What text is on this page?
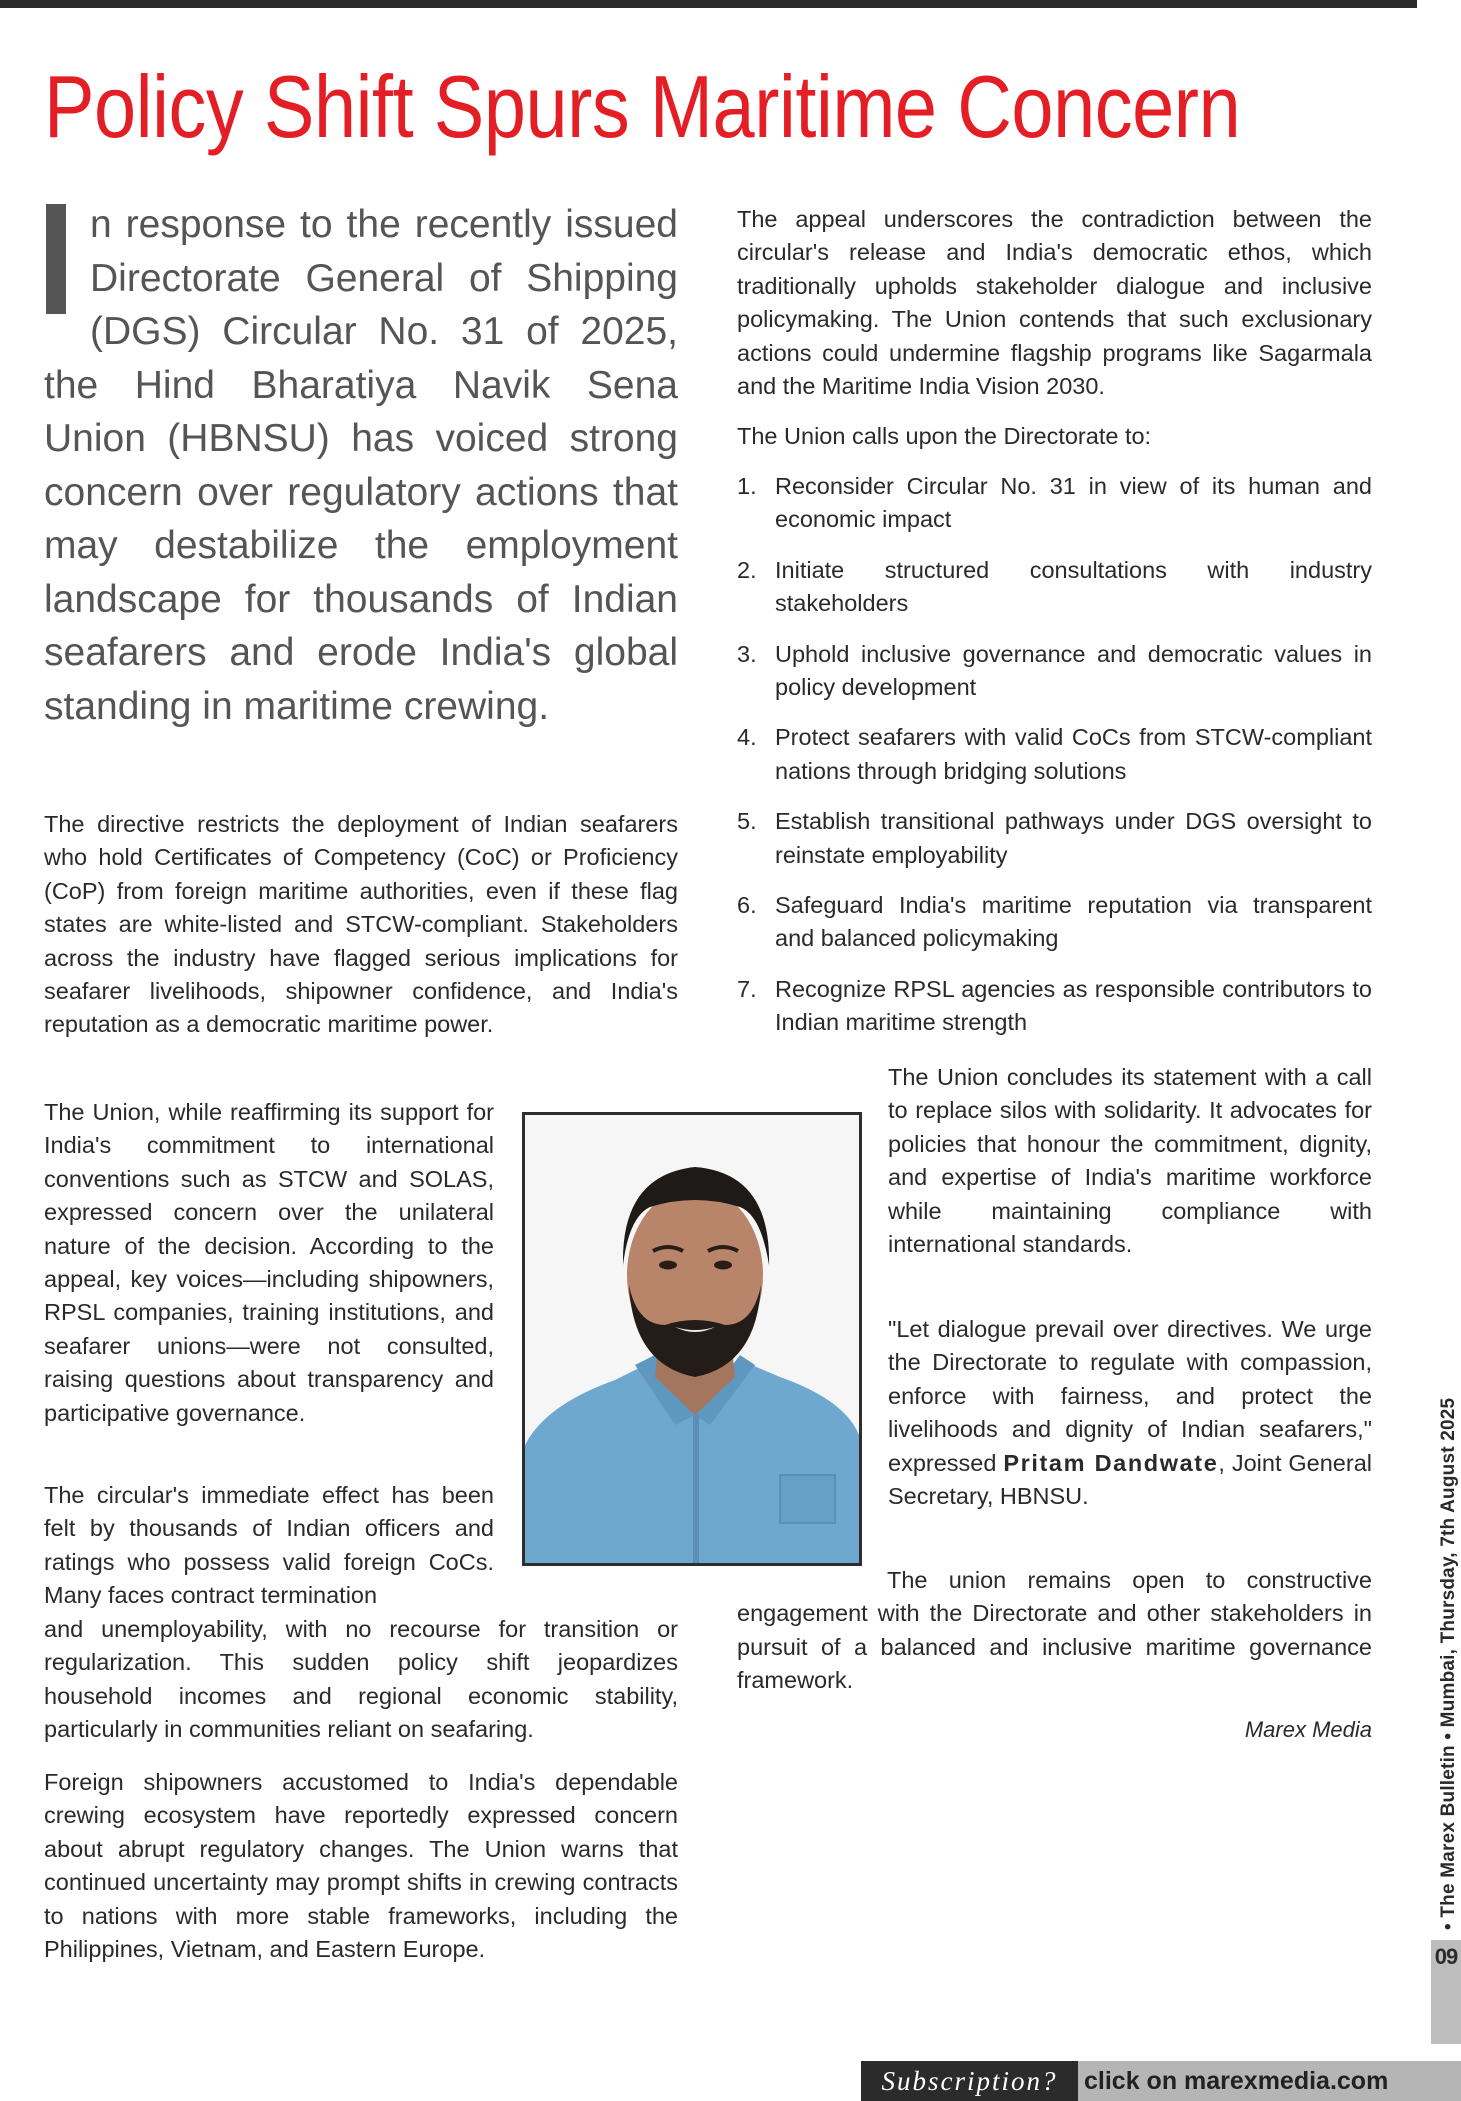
Policy Shift Spurs Maritime Concern
n response to the recently issued Directorate General of Shipping (DGS) Circular No. 31 of 2025, the Hind Bharatiya Navik Sena Union (HBNSU) has voiced strong concern over regulatory actions that may destabilize the employment landscape for thousands of Indian seafarers and erode India's global standing in maritime crewing.

The directive restricts the deployment of Indian seafarers who hold Certificates of Competency (CoC) or Proficiency (CoP) from foreign maritime authorities, even if these flag states are white-listed and STCW-compliant. Stakeholders across the industry have flagged serious implications for seafarer livelihoods, shipowner confidence, and India's reputation as a democratic maritime power.

The Union, while reaffirming its support for India's commitment to international conventions such as STCW and SOLAS, expressed concern over the unilateral nature of the decision. According to the appeal, key voices—including shipowners, RPSL companies, training institutions, and seafarer unions—were not consulted, raising questions about transparency and participative governance.

The circular's immediate effect has been felt by thousands of Indian officers and ratings who possess valid foreign CoCs. Many faces contract termination

and unemployability, with no recourse for transition or regularization. This sudden policy shift jeopardizes household incomes and regional economic stability, particularly in communities reliant on seafaring.

Foreign shipowners accustomed to India's dependable crewing ecosystem have reportedly expressed concern about abrupt regulatory changes. The Union warns that continued uncertainty may prompt shifts in crewing contracts to nations with more stable frameworks, including the Philippines, Vietnam, and Eastern Europe.

The appeal underscores the contradiction between the circular's release and India's democratic ethos, which traditionally upholds stakeholder dialogue and inclusive policymaking. The Union contends that such exclusionary actions could undermine flagship programs like Sagarmala and the Maritime India Vision 2030.

The Union calls upon the Directorate to:

1. Reconsider Circular No. 31 in view of its human and economic impact
2. Initiate structured consultations with industry stakeholders
3. Uphold inclusive governance and democratic values in policy development
4. Protect seafarers with valid CoCs from STCW-compliant nations through bridging solutions
5. Establish transitional pathways under DGS oversight to reinstate employability
6. Safeguard India's maritime reputation via transparent and balanced policymaking
7. Recognize RPSL agencies as responsible contributors to Indian maritime strength

The Union concludes its statement with a call to replace silos with solidarity. It advocates for policies that honour the commitment, dignity, and expertise of India's maritime workforce while maintaining compliance with international standards.

"Let dialogue prevail over directives. We urge the Directorate to regulate with compassion, enforce with fairness, and protect the livelihoods and dignity of Indian seafarers," expressed Pritam Dandwate, Joint General Secretary, HBNSU.

The union remains open to constructive engagement with the Directorate and other stakeholders in pursuit of a balanced and inclusive maritime governance framework.

Marex Media	• The Marex Bulletin • Mumbai, Thursday, 7th August 2025
09
Subscription?	click on marexmedia.com
